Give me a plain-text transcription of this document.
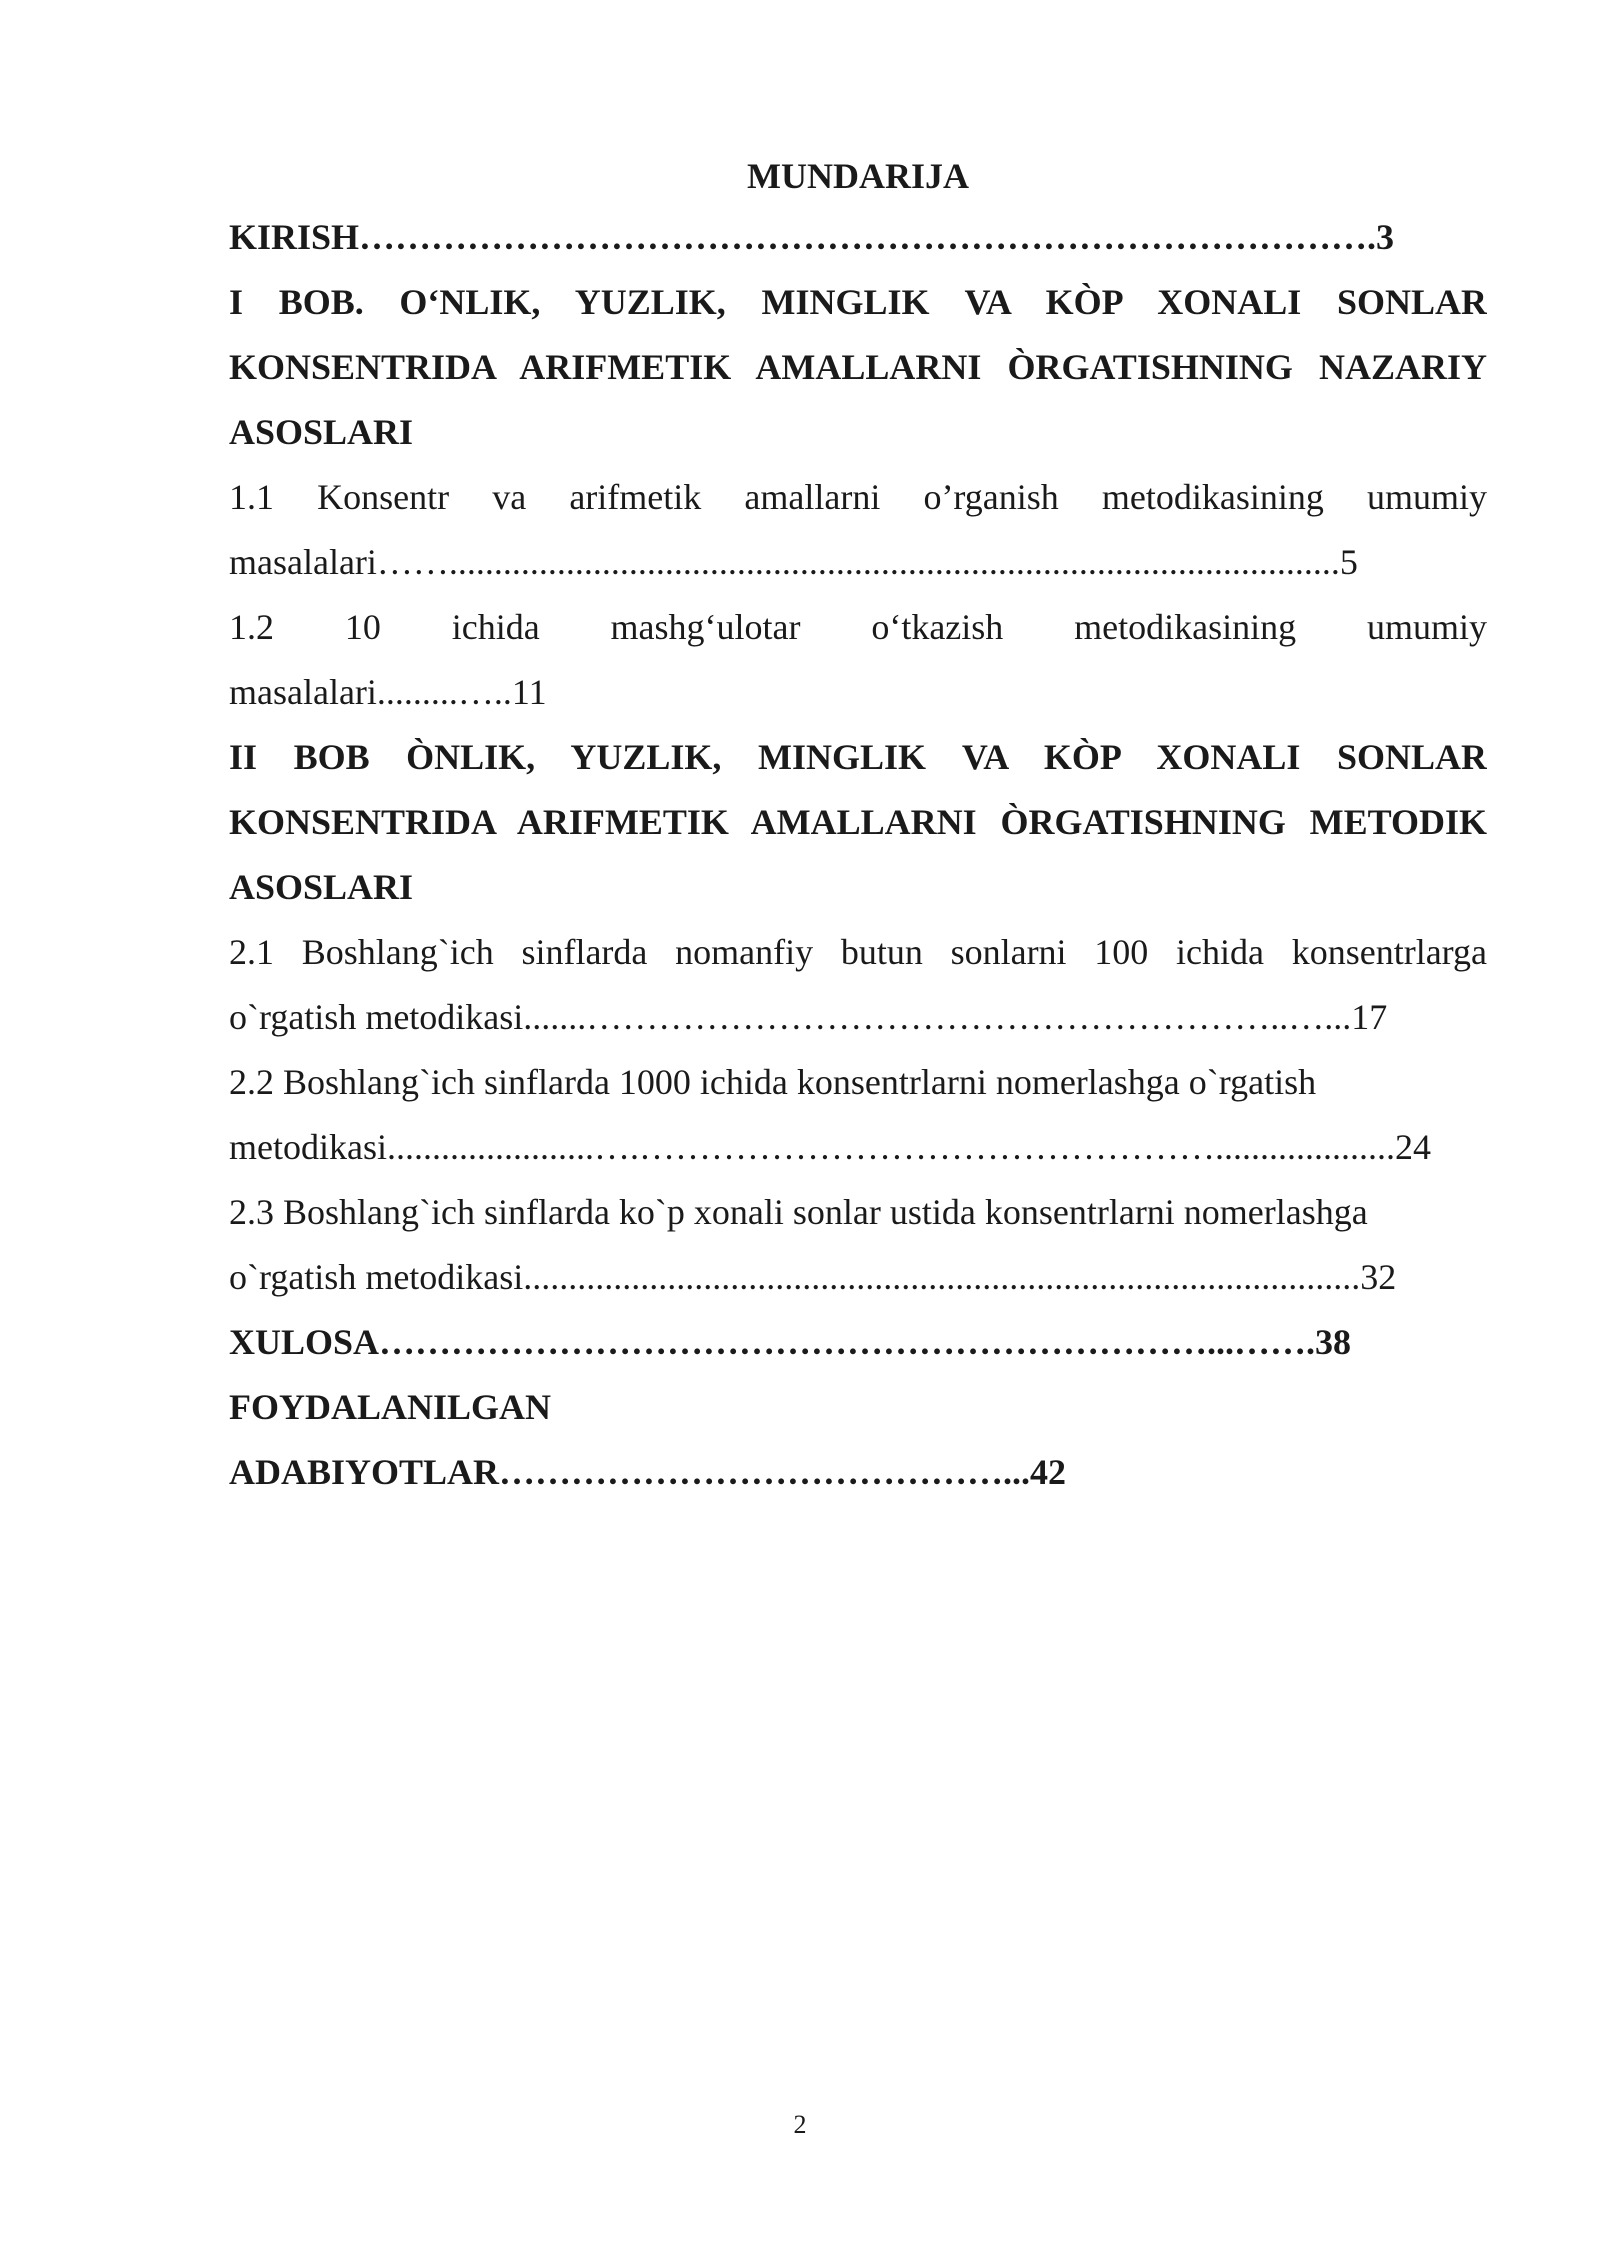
MUNDARIJA
KIRISH………………………………………………………………………….3
I BOB. O‘NLIK, YUZLIK, MINGLIK VA KÒP XONALI SONLAR
KONSENTRIDA ARIFMETIK AMALLARNI ÒRGATISHNING NAZARIY
ASOSLARI
1.1 Konsentr va arifmetik amallarni o’rganish metodikasining umumiy
masalalari……...................................................................................................5
1.2 10 ichida mashg‘ulotar o‘tkazish metodikasining umumiy
masalalari.........…..11
II BOB ÒNLIK, YUZLIK, MINGLIK VA KÒP XONALI SONLAR
KONSENTRIDA ARIFMETIK AMALLARNI ÒRGATISHNING METODIK
ASOSLARI
2.1 Boshlang`ich sinflarda nomanfiy butun sonlarni 100 ichida konsentrlarga
o`rgatish metodikasi.......…………………………………………………..…...17
2.2 Boshlang`ich sinflarda 1000 ichida konsentrlarni nomerlashga o`rgatish
metodikasi.......................….…………………………………………....................24
2.3 Boshlang`ich sinflarda ko`p xonali sonlar ustida konsentrlarni nomerlashga
o`rgatish metodikasi.............................................................................................32
XULOSA……………………………………………………………...…….38
FOYDALANILGAN
ADABIYOTLAR……………………………………...42
2
